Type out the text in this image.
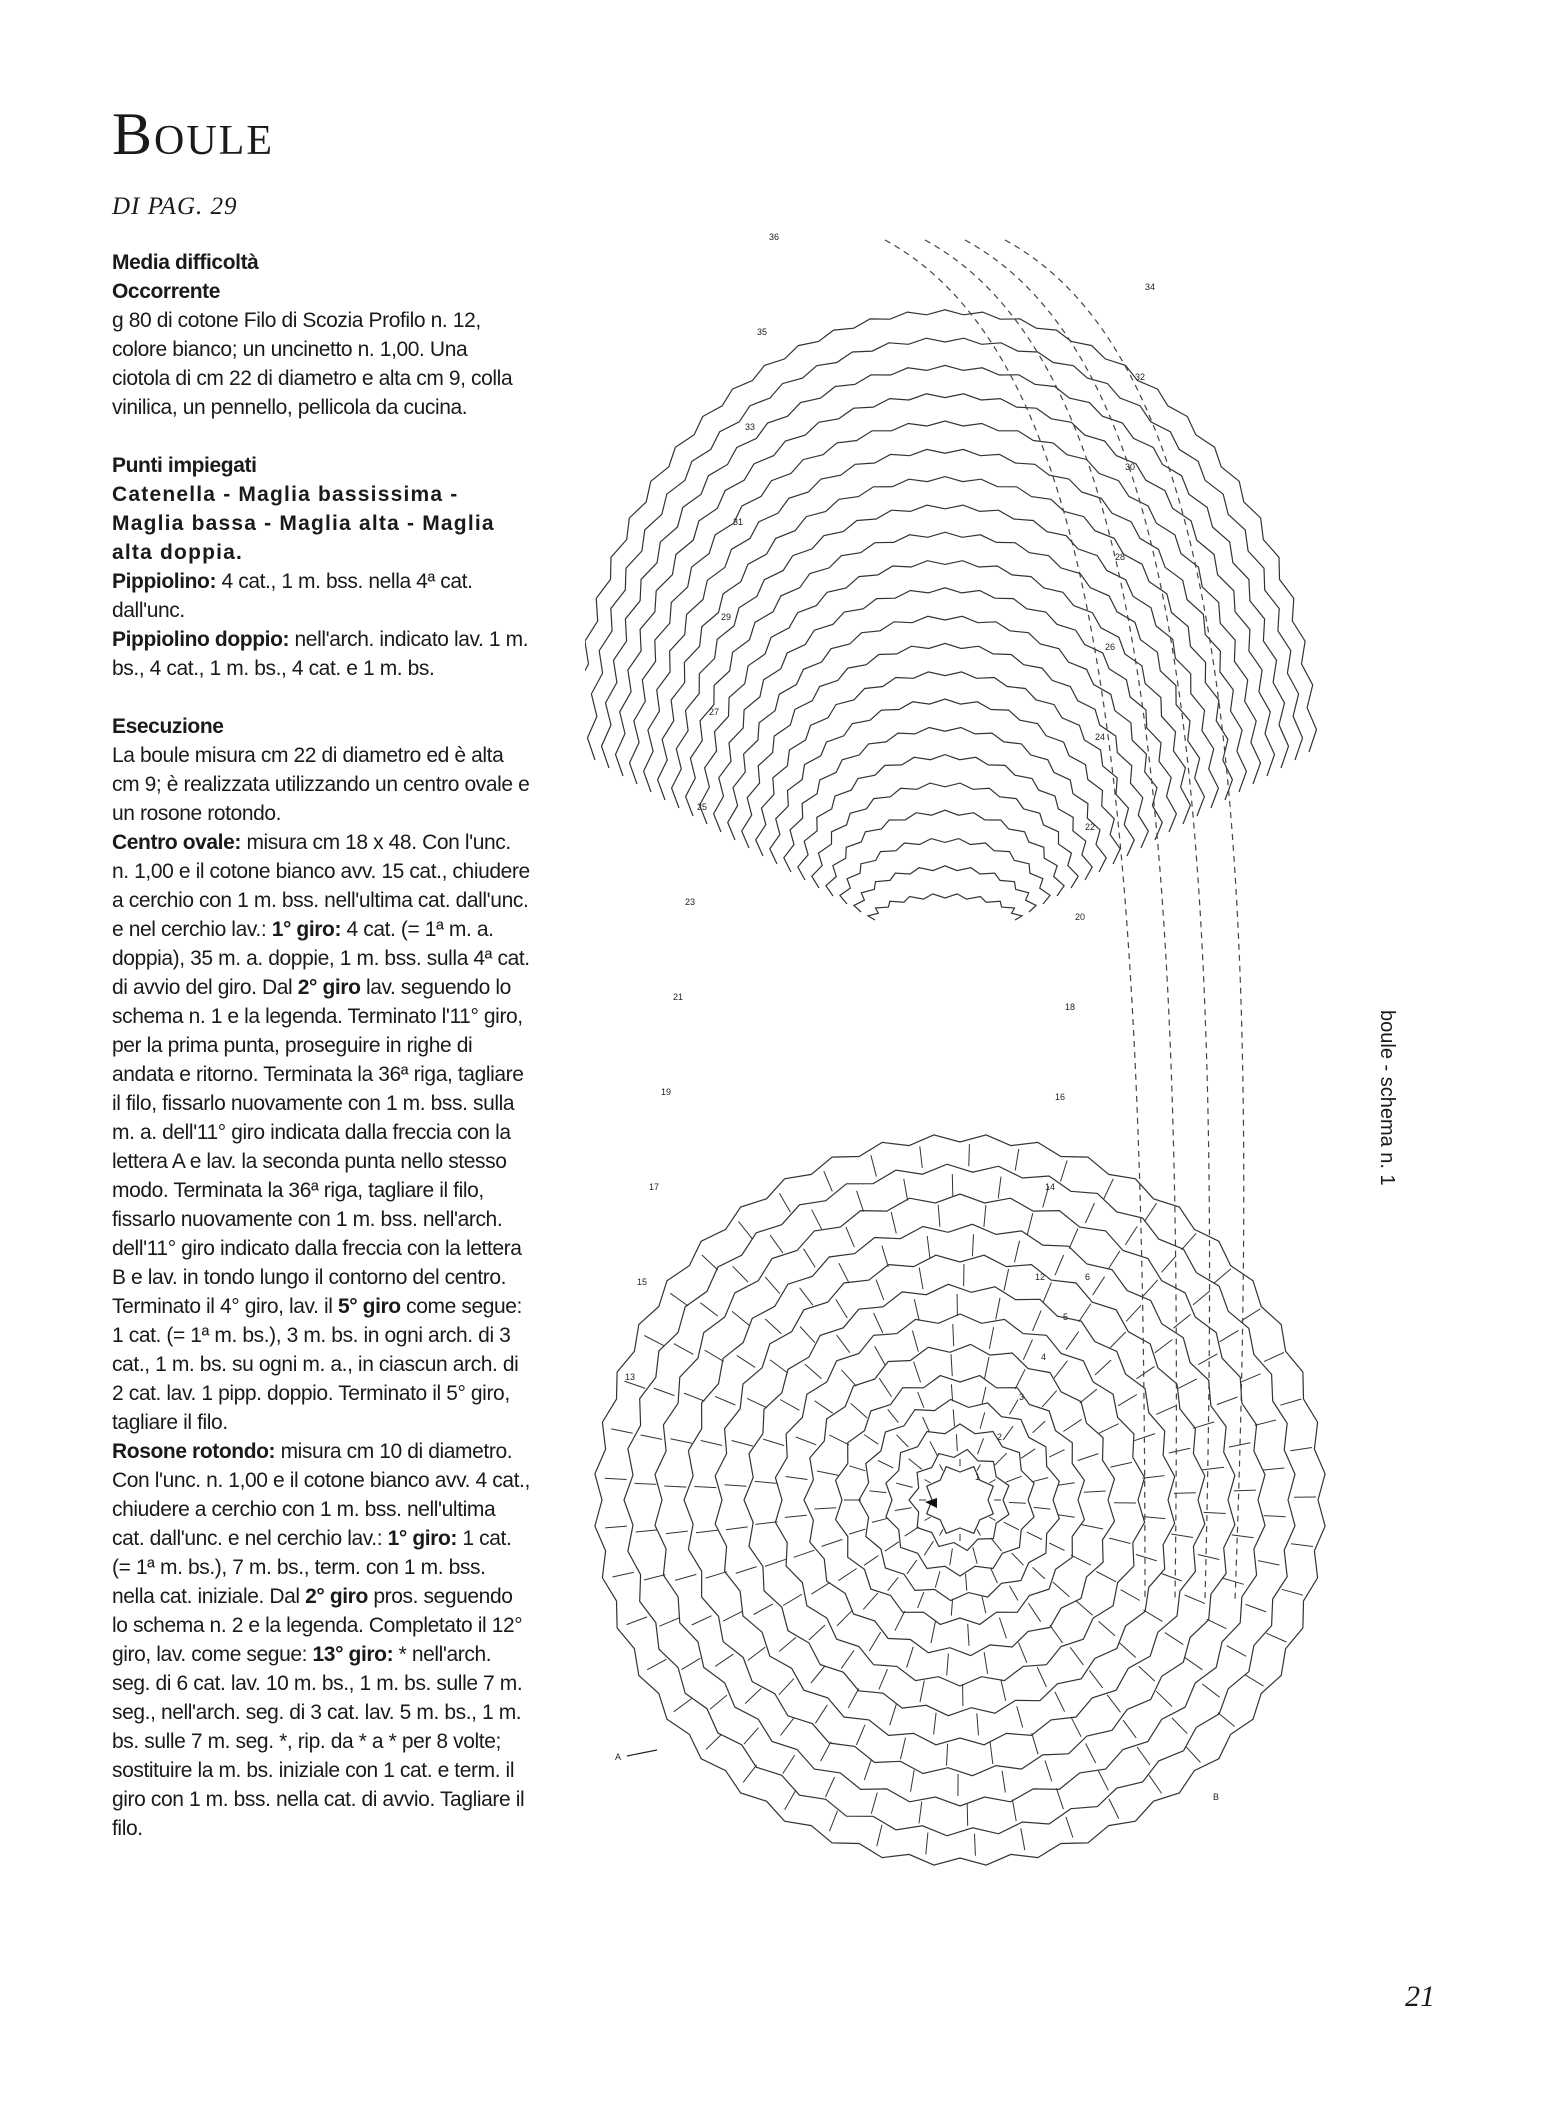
Boule
DI PAG. 29
Media difficoltà
Occorrente

g 80 di cotone Filo di Scozia Profilo n. 12, colore bianco; un uncinetto n. 1,00. Una ciotola di cm 22 di diametro e alta cm 9, colla vinilica, un pennello, pellicola da cucina.

Punti impiegati

Catenella - Maglia bassissima - Maglia bassa - Maglia alta - Maglia alta doppia.

Pippiolino: 4 cat., 1 m. bss. nella 4ª cat. dall'unc.

Pippiolino doppio: nell'arch. indicato lav. 1 m. bs., 4 cat., 1 m. bs., 4 cat. e 1 m. bs.

Esecuzione

La boule misura cm 22 di diametro ed è alta cm 9; è realizzata utilizzando un centro ovale e un rosone rotondo.

Centro ovale: misura cm 18 x 48. Con l'unc. n. 1,00 e il cotone bianco avv. 15 cat., chiudere a cerchio con 1 m. bss. nell'ultima cat. dall'unc. e nel cerchio lav.: 1° giro: 4 cat. (= 1ª m. a. doppia), 35 m. a. doppie, 1 m. bss. sulla 4ª cat. di avvio del giro. Dal 2° giro lav. seguendo lo schema n. 1 e la legenda. Terminato l'11° giro, per la prima punta, proseguire in righe di andata e ritorno. Terminata la 36ª riga, tagliare il filo, fissarlo nuovamente con 1 m. bss. sulla m. a. dell'11° giro indicata dalla freccia con la lettera A e lav. la seconda punta nello stesso modo. Terminata la 36ª riga, tagliare il filo, fissarlo nuovamente con 1 m. bss. nell'arch. dell'11° giro indicato dalla freccia con la lettera B e lav. in tondo lungo il contorno del centro. Terminato il 4° giro, lav. il 5° giro come segue: 1 cat. (= 1ª m. bs.), 3 m. bs. in ogni arch. di 3 cat., 1 m. bs. su ogni m. a., in ciascun arch. di 2 cat. lav. 1 pipp. doppio. Terminato il 5° giro, tagliare il filo.

Rosone rotondo: misura cm 10 di diametro. Con l'unc. n. 1,00 e il cotone bianco avv. 4 cat., chiudere a cerchio con 1 m. bss. nell'ultima cat. dall'unc. e nel cerchio lav.: 1° giro: 1 cat. (= 1ª m. bs.), 7 m. bs., term. con 1 m. bss. nella cat. iniziale. Dal 2° giro pros. seguendo lo schema n. 2 e la legenda. Completato il 12° giro, lav. come segue: 13° giro: * nell'arch. seg. di 6 cat. lav. 10 m. bs., 1 m. bs. sulle 7 m. seg., nell'arch. seg. di 3 cat. lav. 5 m. bs., 1 m. bs. sulle 7 m. seg. *, rip. da * a * per 8 volte; sostituire la m. bs. iniziale con 1 cat. e term. il giro con 1 m. bss. nella cat. di avvio. Tagliare il filo.

13
15
17
19
21
23
25
27
29
31
33
35
36
34
32
30
28
26
24
22
20
18
16
14
12
1
2
3
4
5
6
A
B
boule - schema n. 1
21
